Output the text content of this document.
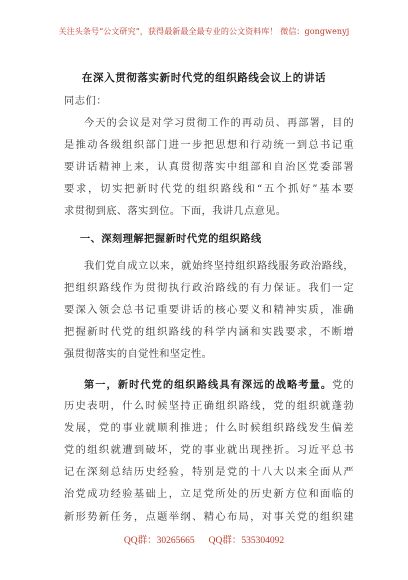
关注头条号“公文研究”，获得最新最全最专业的公文资料库！ 微信：gongwenyj
在深入贯彻落实新时代党的组织路线会议上的讲话
同志们：
今天的会议是对学习贯彻工作的再动员、再部署，目的
是推动各级组织部门进一步把思想和行动统一到总书记重
要讲话精神上来，认真贯彻落实中组部和自治区党委部署
要求，切实把新时代党的组织路线和“五个抓好”基本要
求贯彻到底、落实到位。下面，我讲几点意见。
一、深刻理解把握新时代党的组织路线
我们党自成立以来，就始终坚持组织路线服务政治路线，
把组织路线作为贯彻执行政治路线的有力保证。我们一定
要深入领会总书记重要讲话的核心要义和精神实质，准确
把握新时代党的组织路线的科学内涵和实践要求，不断增
强贯彻落实的自觉性和坚定性。
第一，新时代党的组织路线具有深远的战略考量。党的
历史表明，什么时候坚持正确组织路线，党的组织就蓬勃
发展，党的事业就顺利推进；什么时候组织路线发生偏差
党的组织就遭到破坏，党的事业就出现挫折。习近平总书
记在深刻总结历史经验，特别是党的十八大以来全面从严
治党成功经验基础上，立足党所处的历史新方位和面临的
新形势新任务，点题举纲、精心布局，对事关党的组织建
QQ群：30265665 QQ群：535304092
